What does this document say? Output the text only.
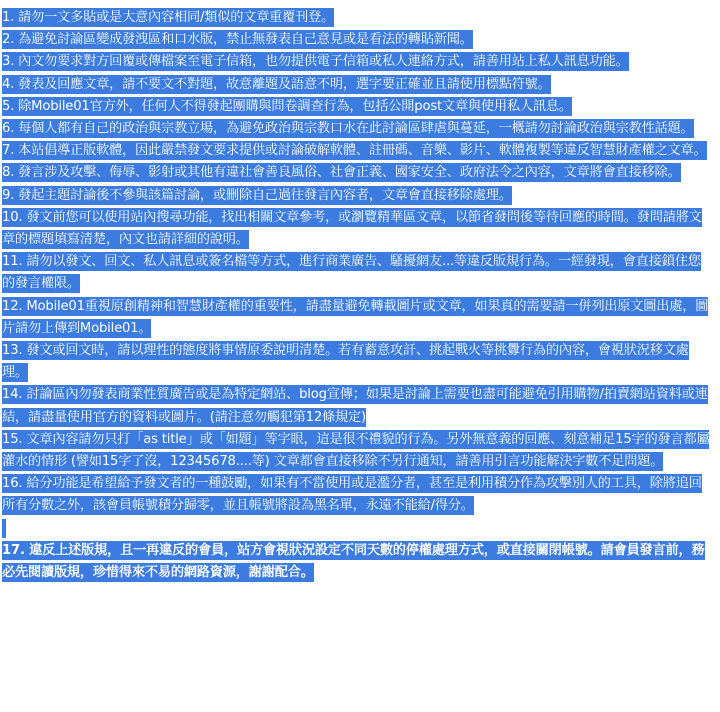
1. 請勿一文多貼或是大意內容相同/類似的文章重覆刊登。

2. 為避免討論區變成發洩區和口水版，禁止無發表自己意見或是看法的轉貼新聞。

3. 內文勿要求對方回覆或傳檔案至電子信箱，也勿提供電子信箱或私人連絡方式，請善用站上私人訊息功能。

4. 發表及回應文章，請不要文不對題，故意離題及語意不明，選字要正確並且請使用標點符號。

5. 除Mobile01官方外，任何人不得發起團購與問卷調查行為，包括公開post文章與使用私人訊息。

6. 每個人都有自己的政治與宗教立場，為避免政治與宗教口水在此討論區肆虐與蔓延，一概請勿討論政治與宗教性話題。

7. 本站倡導正版軟體，因此嚴禁發文要求提供或討論破解軟體、註冊碼、音樂、影片、軟體複製等違反智慧財產權之文章。

8. 發言涉及攻擊、侮辱、影射或其他有違社會善良風俗、社會正義、國家安全、政府法令之內容，文章將會直接移除。

9. 發起主題討論後不參與該篇討論，或刪除自己過往發言內容者，文章會直接移除處理。

10. 發文前您可以使用站內搜尋功能，找出相關文章參考，或瀏覽精華區文章，以節省發問後等待回應的時間。發問請將文章的標題填寫清楚，內文也請詳細的說明。

11. 請勿以發文、回文、私人訊息或簽名檔等方式，進行商業廣告、騷擾網友...等違反版規行為。一經發現，會直接鎖住您的發言權限。

12. Mobile01重視原創精神和智慧財產權的重要性，請盡量避免轉載圖片或文章，如果真的需要請一併列出原文圖出處，圖片請勿上傳到Mobile01。

13. 發文或回文時，請以理性的態度將事情原委說明清楚。若有蓄意攻訐、挑起戰火等挑釁行為的內容，會視狀況移文處理。

14. 討論區內勿發表商業性質廣告或是為特定網站、blog宣傳；如果是討論上需要也盡可能避免引用購物/拍賣網站資料或連結，請盡量使用官方的資料或圖片。(請注意勿觸犯第12條規定)

15. 文章內容請勿只打「as title」或「如題」等字眼，這是很不禮貌的行為。另外無意義的回應、刻意補足15字的發言都屬灌水的情形 (譬如15字了沒，12345678....等) 文章都會直接移除不另行通知，請善用引言功能解決字數不足問題。

16. 給分功能是希望給予發文者的一種鼓勵，如果有不當使用或是濫分者，甚至是利用積分作為攻擊別人的工具，除將追回所有分數之外，該會員帳號積分歸零，並且帳號將設為黑名單，永遠不能給/得分。

17. 違反上述版規，且一再違反的會員，站方會視狀況設定不同天數的停權處理方式，或直接關閉帳號。請會員發言前，務必先閱讀版規，珍惜得來不易的網路資源，謝謝配合。
